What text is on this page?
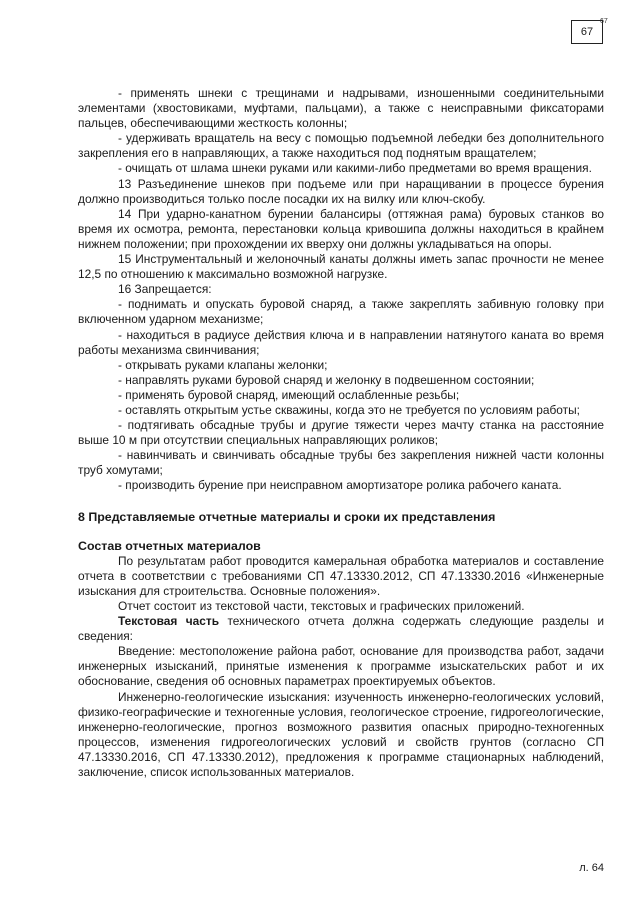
67
67

- применять шнеки с трещинами и надрывами, изношенными соединительными элементами (хвостовиками, муфтами, пальцами), а также с неисправными фиксаторами пальцев, обеспечивающими жесткость колонны;

- удерживать вращатель на весу с помощью подъемной лебедки без дополнительного закрепления его в направляющих, а также находиться под поднятым вращателем;

- очищать от шлама шнеки руками или какими-либо предметами во время вращения.

13 Разъединение шнеков при подъеме или при наращивании в процессе бурения должно производиться только после посадки их на вилку или ключ-скобу.

14 При ударно-канатном бурении балансиры (оттяжная рама) буровых станков во время их осмотра, ремонта, перестановки кольца кривошипа должны находиться в крайнем нижнем положении; при прохождении их вверху они должны укладываться на опоры.

15 Инструментальный и желоночный канаты должны иметь запас прочности не менее 12,5 по отношению к максимально возможной нагрузке.

16 Запрещается:

- поднимать и опускать буровой снаряд, а также закреплять забивную головку при включенном ударном механизме;

- находиться в радиусе действия ключа и в направлении натянутого каната во время работы механизма свинчивания;

- открывать руками клапаны желонки;

- направлять руками буровой снаряд и желонку в подвешенном состоянии;

- применять буровой снаряд, имеющий ослабленные резьбы;

- оставлять открытым устье скважины, когда это не требуется по условиям работы;

- подтягивать обсадные трубы и другие тяжести через мачту станка на расстояние выше 10 м при отсутствии специальных направляющих роликов;

- навинчивать и свинчивать обсадные трубы без закрепления нижней части колонны труб хомутами;

- производить бурение при неисправном амортизаторе ролика рабочего каната.

8 Представляемые отчетные материалы и сроки их представления

Состав отчетных материалов

По результатам работ проводится камеральная обработка материалов и составление отчета в соответствии с требованиями СП 47.13330.2012, СП 47.13330.2016 «Инженерные изыскания для строительства. Основные положения».

Отчет состоит из текстовой части, текстовых и графических приложений.

Текстовая часть технического отчета должна содержать следующие разделы и сведения:

Введение: местоположение района работ, основание для производства работ, задачи инженерных изысканий, принятые изменения к программе изыскательских работ и их обоснование, сведения об основных параметрах проектируемых объектов.

Инженерно-геологические изыскания: изученность инженерно-геологических условий, физико-географические и техногенные условия, геологическое строение, гидрогеологические, инженерно-геологические, прогноз возможного развития опасных природно-техногенных процессов, изменения гидрогеологических условий и свойств грунтов (согласно СП 47.13330.2016, СП 47.13330.2012), предложения к программе стационарных наблюдений, заключение, список использованных материалов.

л. 64
